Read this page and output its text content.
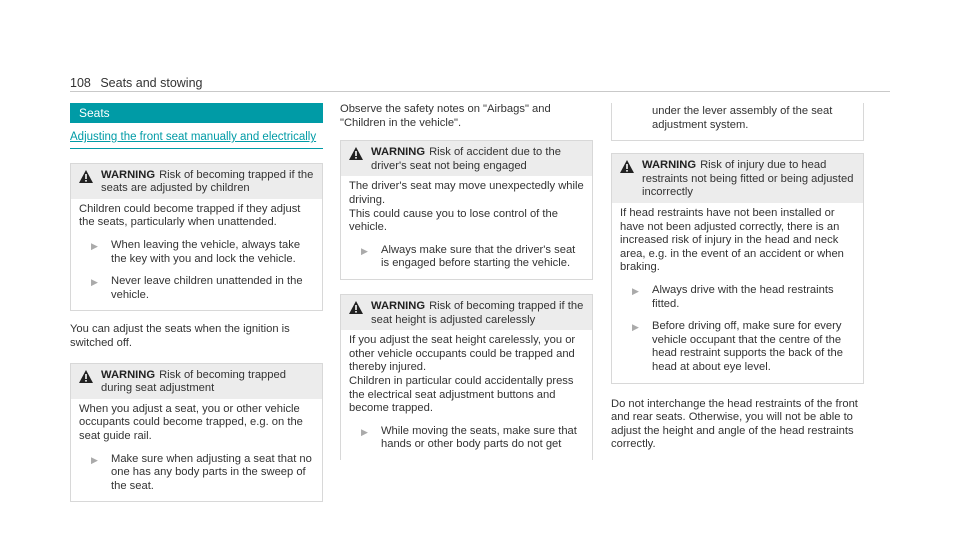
108 Seats and stowing
Seats
Adjusting the front seat manually and electrically
WARNING Risk of becoming trapped if the seats are adjusted by children

Children could become trapped if they adjust the seats, particularly when unattended.

▶	When leaving the vehicle, always take the key with you and lock the vehicle.
▶	Never leave children unattended in the vehicle.

You can adjust the seats when the ignition is switched off.

WARNING Risk of becoming trapped during seat adjustment

When you adjust a seat, you or other vehicle occupants could become trapped, e.g. on the seat guide rail.

▶	Make sure when adjusting a seat that no one has any body parts in the sweep of the seat.

Observe the safety notes on "Airbags" and "Children in the vehicle".

WARNING Risk of accident due to the driver's seat not being engaged

The driver's seat may move unexpectedly while driving.

This could cause you to lose control of the vehicle.

▶	Always make sure that the driver's seat is engaged before starting the vehicle.
WARNING Risk of becoming trapped if the seat height is adjusted carelessly

If you adjust the seat height carelessly, you or other vehicle occupants could be trapped and thereby injured.

Children in particular could accidentally press the electrical seat adjustment buttons and become trapped.

▶	While moving the seats, make sure that hands or other body parts do not get
under the lever assembly of the seat adjustment system.
WARNING Risk of injury due to head restraints not being fitted or being adjusted incorrectly

If head restraints have not been installed or have not been adjusted correctly, there is an increased risk of injury in the head and neck area, e.g. in the event of an accident or when braking.

▶	Always drive with the head restraints fitted.
▶	Before driving off, make sure for every vehicle occupant that the centre of the head restraint supports the back of the head at about eye level.

Do not interchange the head restraints of the front and rear seats. Otherwise, you will not be able to adjust the height and angle of the head restraints correctly.
